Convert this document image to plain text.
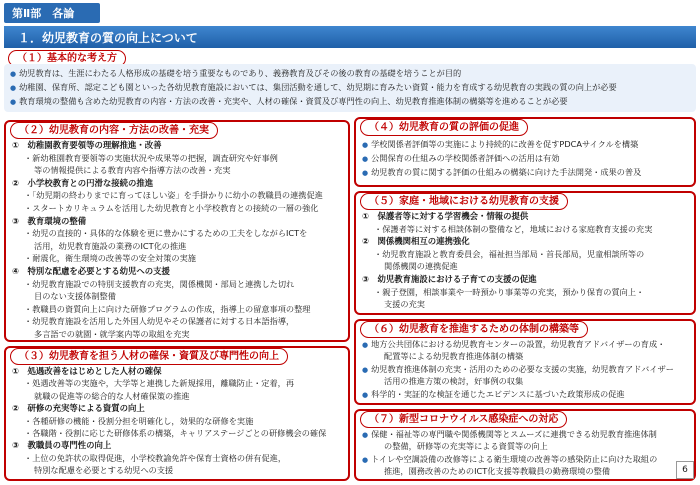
第Ⅱ部　各論
１．幼児教育の質の向上について
（１）基本的な考え方
● 幼児教育は、生涯にわたる人格形成の基礎を培う重要なものであり、義務教育及びその後の教育の基礎を培うことが目的
● 幼稚園、保育所、認定こども園といった各幼児教育施設においては、集団活動を通して、幼児期に育みたい資質・能力を育成する幼児教育の実践の質の向上が必要
● 教育環境の整備も含めた幼児教育の内容・方法の改善・充実や、人材の確保・資質及び専門性の向上、幼児教育推進体制の構築等を進めることが必要
①　幼稚園教育要領等の理解推進・改善
・ 新幼稚園教育要領等の実施状況や成果等の把握，調査研究や好事例
等の情報提供による教育内容や指導方法の改善・充実
②　小学校教育との円滑な接続の推進
・ 「幼児期の終わりまでに育ってほしい姿」を手掛かりに幼小の教職員の連携促進
・ スタートカリキュラムを活用した幼児教育と小学校教育との接続の一層の強化
③　教育環境の整備
・ 幼児の直接的・具体的な体験を更に豊かにするための工夫をしながらICTを
活用，幼児教育施設の業務のICT化の推進
・ 耐震化，衛生環境の改善等の安全対策の実施
④　特別な配慮を必要とする幼児への支援
・ 幼児教育施設での特別支援教育の充実，関係機関・部局と連携した切れ
目のない支援体制整備
・ 教職員の資質向上に向けた研修プログラムの作成，指導上の留意事項の整理
・ 幼児教育施設を活用した外国人幼児やその保護者に対する日本語指導，
多言語での就園・就学案内等の取組を充実
（２）幼児教育の内容・方法の改善・充実
①　処遇改善をはじめとした人材の確保
・ 処遇改善等の実施や，大学等と連携した新規採用，離職防止・定着，再
就職の促進等の総合的な人材確保策の推進
②　研修の充実等による資質の向上
・ 各種研修の機能・役割分担を明確化し，効果的な研修を実施
・ 各職階・役割に応じた研修体系の構築，キャリアステージごとの研修機会の確保
③　教職員の専門性の向上
・ 上位の免許状の取得促進，小学校教諭免許や保育士資格の併有促進，
特別な配慮を必要とする幼児への支援
（３）幼児教育を担う人材の確保・資質及び専門性の向上
● 学校関係者評価等の実施により持続的に改善を促すPDCAサイクルを構築
● 公開保育の仕組みの学校関係者評価への活用は有効
● 幼児教育の質に関する評価の仕組みの構築に向けた手法開発・成果の普及
（４）幼児教育の質の評価の促進
①　保護者等に対する学習機会・情報の提供
・ 保護者等に対する相談体制の整備など，地域における家庭教育支援の充実
②　関係機関相互の連携強化
・ 幼児教育施設と教育委員会，福祉担当部局・首長部局，児童相談所等の
関係機関の連携促進
③　幼児教育施設における子育ての支援の促進
・ 親子登園，相談事業や一時預かり事業等の充実，預かり保育の質向上・
支援の充実
（５）家庭・地域における幼児教育の支援
● 地方公共団体における幼児教育センターの設置，幼児教育アドバイザーの育成・
配置等による幼児教育推進体制の構築
● 幼児教育推進体制の充実・活用のための必要な支援の実施，幼児教育アドバイザー
活用の推進方策の検討，好事例の収集
● 科学的・実証的な検証を通じたエビデンスに基づいた政策形成の促進
（６）幼児教育を推進するための体制の構築等
● 保健・福祉等の専門職や関係機関等とスムーズに連携できる幼児教育推進体制
の整備，研修等の充実等による資質等の向上
● トイレや空調設備の改修等による衛生環境の改善等の感染防止に向けた取組の
推進，園務改善のためのICT化支援等教職員の勤務環境の整備
（７）新型コロナウイルス感染症への対応
6
